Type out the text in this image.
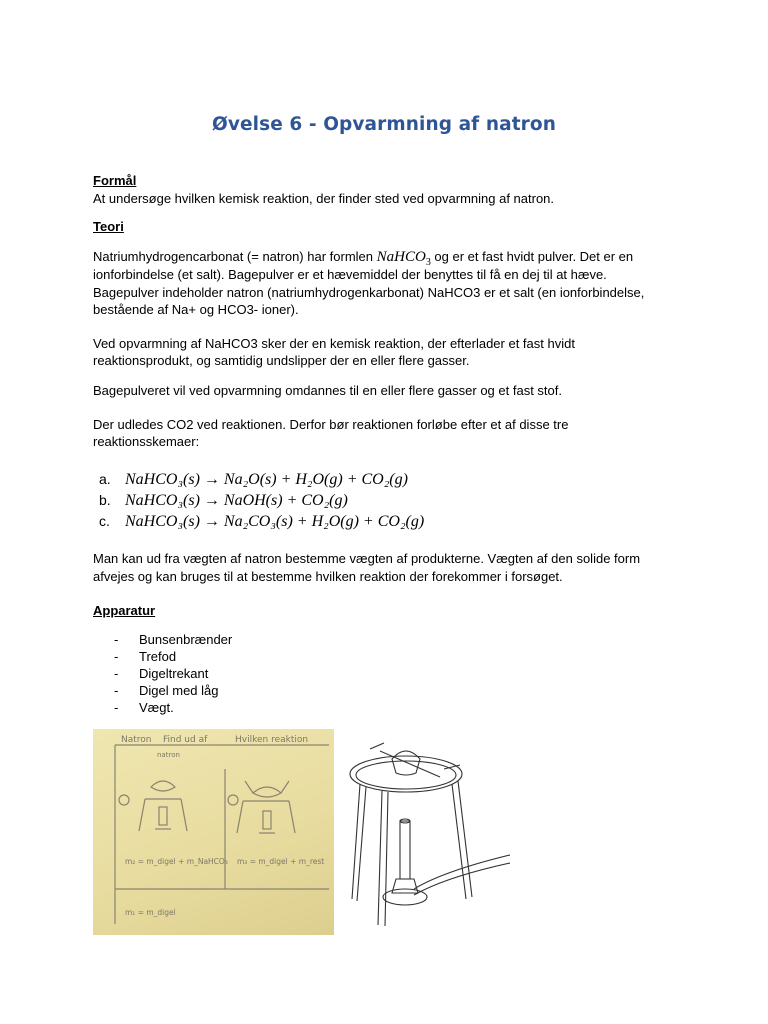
Øvelse 6 - Opvarmning af natron
Formål
At undersøge hvilken kemisk reaktion, der finder sted ved opvarmning af natron.
Teori
Natriumhydrogencarbonat (= natron) har formlen NaHCO$_3$ og er et fast hvidt pulver. Det er en
ionforbindelse (et salt). Bagepulver er et hævemiddel der benyttes til få en dej til at hæve.
Bagepulver indeholder natron (natriumhydrogenkarbonat) NaHCO3 er et salt (en ionforbindelse,
bestående af Na+ og HCO3- ioner).
Ved opvarmning af NaHCO3 sker der en kemisk reaktion, der efterlader et fast hvidt
reaktionsprodukt, og samtidig undslipper der en eller flere gasser.
Bagepulveret vil ved opvarmning omdannes til en eller flere gasser og et fast stof.
Der udledes CO2 ved reaktionen. Derfor bør reaktionen forløbe efter et af disse tre
reaktionsskemaer:
a. NaHCO₃(s) → Na₂O(s) + H₂O(g) + CO₂(g)
b. NaHCO₃(s) → NaOH(s) + CO₂(g)
c. NaHCO₃(s) → Na₂CO₃(s) + H₂O(g) + CO₂(g)
Man kan ud fra vægten af natron bestemme vægten af produkterne. Vægten af den solide form
afvejes og kan bruges til at bestemme hvilken reaktion der forekommer i forsøget.
Apparatur
- Bunsenbrænder
- Trefod
- Digeltrekant
- Digel med låg
- Vægt.
Natron Find ud af	Hvilken reaktion
natron
m₂ = m_digel + m_NaHCO₃ m₃ = m_digel + m_rest
m₁ = m_digel
